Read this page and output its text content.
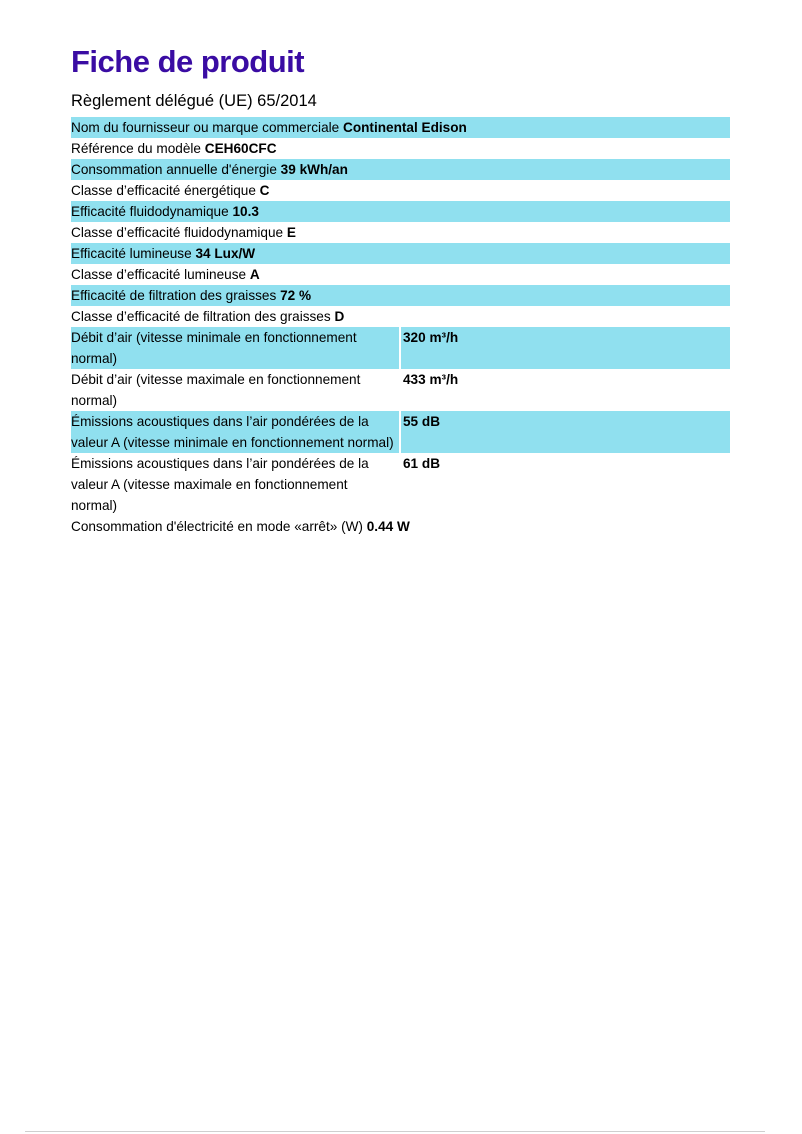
Fiche de produit

Règlement délégué (UE) 65/2014

Nom du fournisseur ou marque commerciale Continental Edison
Référence du modèle CEH60CFC
Consommation annuelle d'énergie 39 kWh/an
Classe d’efficacité énergétique C
Efficacité fluidodynamique 10.3
Classe d’efficacité fluidodynamique E
Efficacité lumineuse 34 Lux/W
Classe d’efficacité lumineuse A
Efficacité de filtration des graisses 72 %
Classe d’efficacité de filtration des graisses D
Débit d’air (vitesse minimale en fonctionnement normal)
320 m³/h
Débit d’air (vitesse maximale en fonctionnement normal)
433 m³/h
Émissions acoustiques dans l’air pondérées de la valeur A (vitesse minimale en fonctionnement normal)
55 dB
Émissions acoustiques dans l’air pondérées de la valeur A (vitesse maximale en fonctionnement normal)
61 dB
Consommation d'électricité en mode «arrêt» (W) 0.44 W
